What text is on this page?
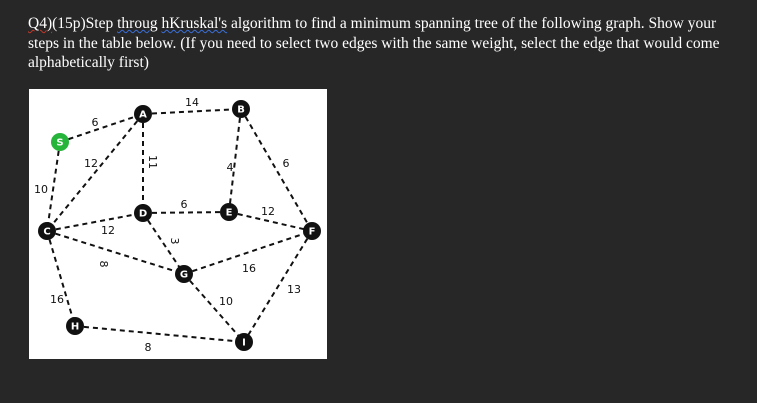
Q4)(15p)Step throug hKruskal's algorithm to find a minimum spanning tree of the following graph. Show your steps in the table below. (If you need to select two edges with the same weight, select the edge that would come alphabetically first)

6
14
10
12	11	4	6
6
12
12
3
8	16
16	10
13
8
S
A	B
C
D	E
F
G
H
I
